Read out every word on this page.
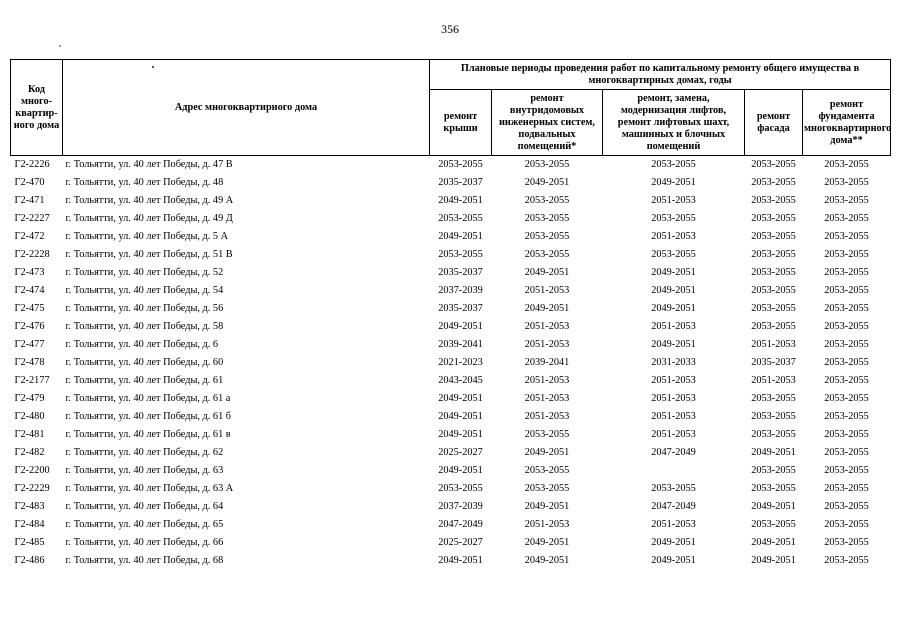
356
Код много-квартир-ного дома	Адрес многоквартирного дома	Плановые периоды проведения работ по капитальному ремонту общего имущества в многоквартирных домах, годы				
		ремонт крыши	ремонт внутридомовых инженерных систем, подвальных помещений*	ремонт, замена, модернизация лифтов, ремонт лифтовых шахт, машинных и блочных помещений	ремонт фасада	ремонт фундамента многоквартирного дома**
Г2-2226	г. Тольятти, ул. 40 лет Победы, д. 47 В	2053-2055	2053-2055	2053-2055	2053-2055	2053-2055
Г2-470	г. Тольятти, ул. 40 лет Победы, д. 48	2035-2037	2049-2051	2049-2051	2053-2055	2053-2055
Г2-471	г. Тольятти, ул. 40 лет Победы, д. 49 А	2049-2051	2053-2055	2051-2053	2053-2055	2053-2055
Г2-2227	г. Тольятти, ул. 40 лет Победы, д. 49 Д	2053-2055	2053-2055	2053-2055	2053-2055	2053-2055
Г2-472	г. Тольятти, ул. 40 лет Победы, д. 5 А	2049-2051	2053-2055	2051-2053	2053-2055	2053-2055
Г2-2228	г. Тольятти, ул. 40 лет Победы, д. 51 В	2053-2055	2053-2055	2053-2055	2053-2055	2053-2055
Г2-473	г. Тольятти, ул. 40 лет Победы, д. 52	2035-2037	2049-2051	2049-2051	2053-2055	2053-2055
Г2-474	г. Тольятти, ул. 40 лет Победы, д. 54	2037-2039	2051-2053	2049-2051	2053-2055	2053-2055
Г2-475	г. Тольятти, ул. 40 лет Победы, д. 56	2035-2037	2049-2051	2049-2051	2053-2055	2053-2055
Г2-476	г. Тольятти, ул. 40 лет Победы, д. 58	2049-2051	2051-2053	2051-2053	2053-2055	2053-2055
Г2-477	г. Тольятти, ул. 40 лет Победы, д. 6	2039-2041	2051-2053	2049-2051	2051-2053	2053-2055
Г2-478	г. Тольятти, ул. 40 лет Победы, д. 60	2021-2023	2039-2041	2031-2033	2035-2037	2053-2055
Г2-2177	г. Тольятти, ул. 40 лет Победы, д. 61	2043-2045	2051-2053	2051-2053	2051-2053	2053-2055
Г2-479	г. Тольятти, ул. 40 лет Победы, д. 61 а	2049-2051	2051-2053	2051-2053	2053-2055	2053-2055
Г2-480	г. Тольятти, ул. 40 лет Победы, д. 61 б	2049-2051	2051-2053	2051-2053	2053-2055	2053-2055
Г2-481	г. Тольятти, ул. 40 лет Победы, д. 61 в	2049-2051	2053-2055	2051-2053	2053-2055	2053-2055
Г2-482	г. Тольятти, ул. 40 лет Победы, д. 62	2025-2027	2049-2051	2047-2049	2049-2051	2053-2055
Г2-2200	г. Тольятти, ул. 40 лет Победы, д. 63	2049-2051	2053-2055		2053-2055	2053-2055
Г2-2229	г. Тольятти, ул. 40 лет Победы, д. 63 А	2053-2055	2053-2055	2053-2055	2053-2055	2053-2055
Г2-483	г. Тольятти, ул. 40 лет Победы, д. 64	2037-2039	2049-2051	2047-2049	2049-2051	2053-2055
Г2-484	г. Тольятти, ул. 40 лет Победы, д. 65	2047-2049	2051-2053	2051-2053	2053-2055	2053-2055
Г2-485	г. Тольятти, ул. 40 лет Победы, д. 66	2025-2027	2049-2051	2049-2051	2049-2051	2053-2055
Г2-486	г. Тольятти, ул. 40 лет Победы, д. 68	2049-2051	2049-2051	2049-2051	2049-2051	2053-2055
